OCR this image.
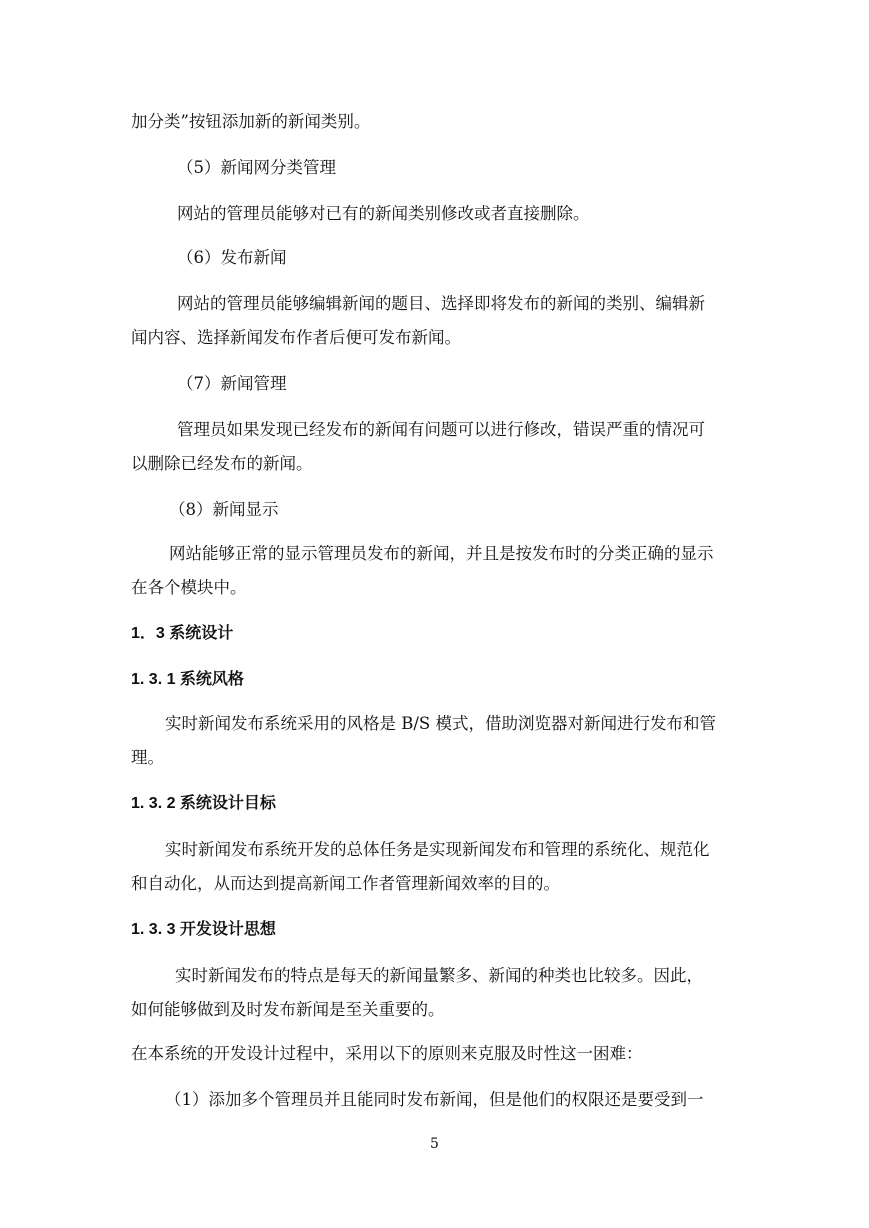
加分类”按钮添加新的新闻类别。
（5）新闻网分类管理
网站的管理员能够对已有的新闻类别修改或者直接删除。
（6）发布新闻
网站的管理员能够编辑新闻的题目、选择即将发布的新闻的类别、编辑新
闻内容、选择新闻发布作者后便可发布新闻。
（7）新闻管理
管理员如果发现已经发布的新闻有问题可以进行修改，错误严重的情况可
以删除已经发布的新闻。
（8）新闻显示
网站能够正常的显示管理员发布的新闻，并且是按发布时的分类正确的显示
在各个模块中。
1．3 系统设计
1. 3. 1 系统风格
实时新闻发布系统采用的风格是 B/S 模式，借助浏览器对新闻进行发布和管
理。
1. 3. 2 系统设计目标
实时新闻发布系统开发的总体任务是实现新闻发布和管理的系统化、规范化
和自动化，从而达到提高新闻工作者管理新闻效率的目的。
1. 3. 3 开发设计思想
实时新闻发布的特点是每天的新闻量繁多、新闻的种类也比较多。因此，
如何能够做到及时发布新闻是至关重要的。
在本系统的开发设计过程中，采用以下的原则来克服及时性这一困难：
（1）添加多个管理员并且能同时发布新闻，但是他们的权限还是要受到一
5
